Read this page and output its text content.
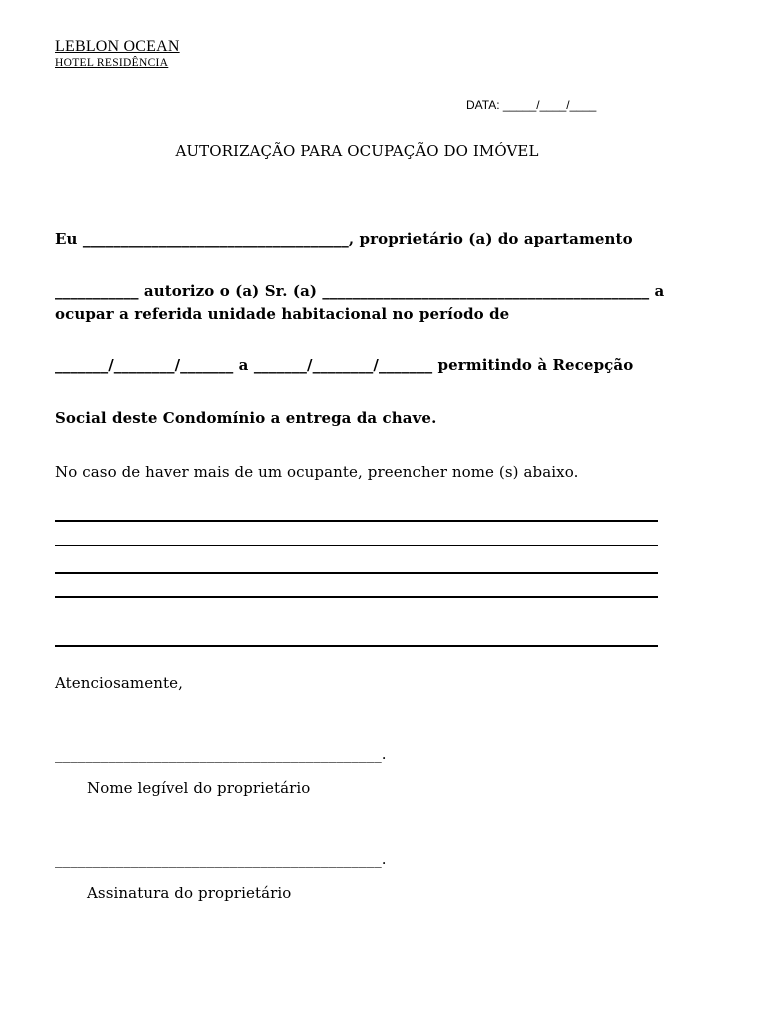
LEBLON OCEAN
HOTEL RESIDÊNCIA
DATA: _____/____/____
AUTORIZAÇÃO PARA OCUPAÇÃO DO IMÓVEL
Eu ___________________________________, proprietário (a) do apartamento
___________ autorizo o (a) Sr. (a) ___________________________________________ a
ocupar a referida unidade habitacional no período de
_______/________/_______ a _______/________/_______ permitindo à Recepção
Social deste Condomínio a entrega da chave.
No caso de haver mais de um ocupante, preencher nome (s) abaixo.
Atenciosamente,
___________________________________________.
Nome legível do proprietário
___________________________________________.
Assinatura do proprietário
